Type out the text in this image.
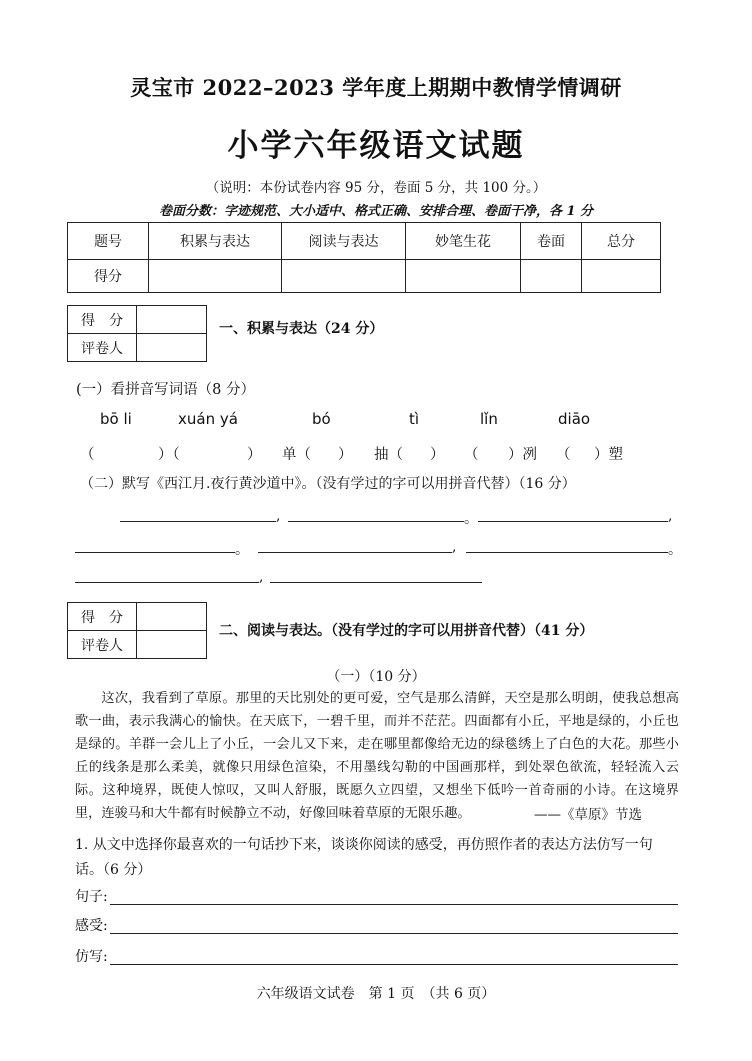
灵宝市 2022–2023 学年度上期期中教情学情调研
小学六年级语文试题
（说明：本份试卷内容 95 分，卷面 5 分，共 100 分。）
卷面分数：字迹规范、大小适中、格式正确、安排合理、卷面干净，各 1 分
题号	积累与表达	阅读与表达	妙笔生花	卷面	总分
得分					
得　分	
评卷人	
一、积累与表达（24 分）
(一）看拼音写词语（8 分）
bō li	xuán yá	bó	tì	lǐn	diāo
（	）（	） 单（ ） 抽（ ） （ ）冽 （ ）塑
（二）默写《西江月.夜行黄沙道中》。（没有学过的字可以用拼音代替）（16 分）
,	。	,
。	,	。
,
得　分	
评卷人	
二、阅读与表达。（没有学过的字可以用拼音代替）（41 分）
（一）（10 分）
这次，我看到了草原。那里的天比别处的更可爱，空气是那么清鲜，天空是那么明朗，使我总想高歌一曲，表示我满心的愉快。在天底下，一碧千里，而并不茫茫。四面都有小丘，平地是绿的，小丘也是绿的。羊群一会儿上了小丘，一会儿又下来，走在哪里都像给无边的绿毯绣上了白色的大花。那些小丘的线条是那么柔美，就像只用绿色渲染，不用墨线勾勒的中国画那样，到处翠色欲流，轻轻流入云际。这种境界，既使人惊叹，又叫人舒服，既愿久立四望，又想坐下低吟一首奇丽的小诗。在这境界里，连骏马和大牛都有时候静立不动，好像回味着草原的无限乐趣。	——《草原》节选
1. 从文中选择你最喜欢的一句话抄下来，谈谈你阅读的感受，再仿照作者的表达方法仿写一句话。（6 分）
句子:
感受:
仿写:
六年级语文试卷　第 1 页　（共 6 页）
